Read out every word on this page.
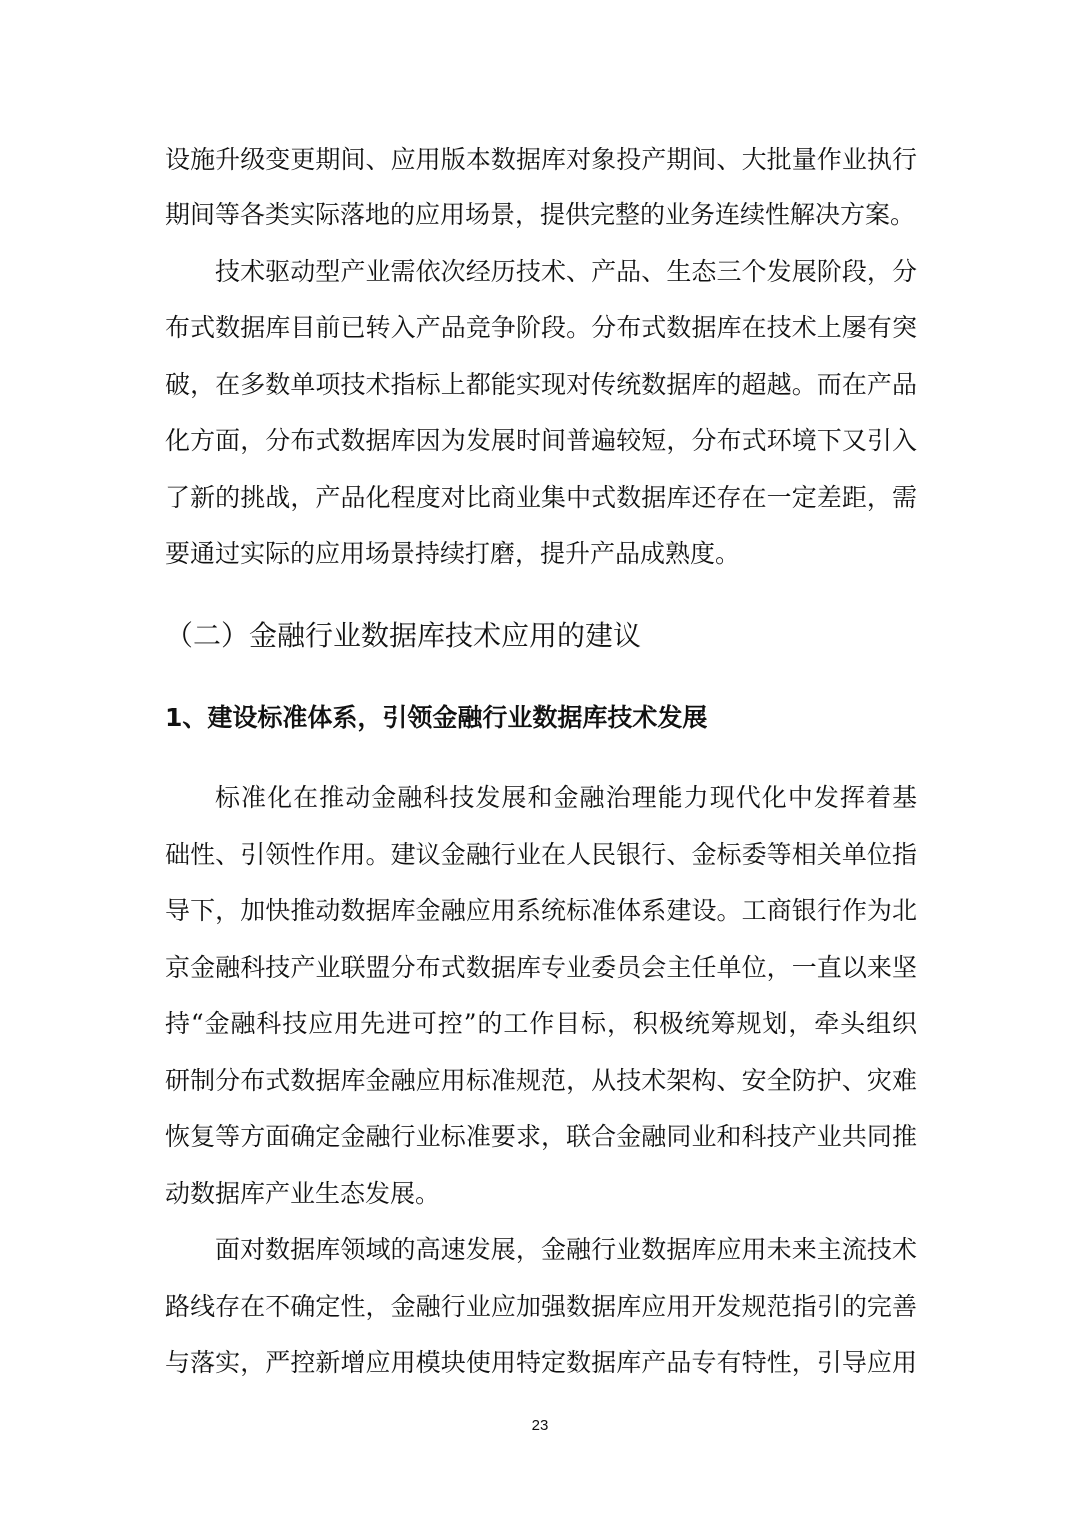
设施升级变更期间、应用版本数据库对象投产期间、大批量作业执行
期间等各类实际落地的应用场景，提供完整的业务连续性解决方案。
技术驱动型产业需依次经历技术、产品、生态三个发展阶段，分
布式数据库目前已转入产品竞争阶段。分布式数据库在技术上屡有突
破，在多数单项技术指标上都能实现对传统数据库的超越。而在产品
化方面，分布式数据库因为发展时间普遍较短，分布式环境下又引入
了新的挑战，产品化程度对比商业集中式数据库还存在一定差距，需
要通过实际的应用场景持续打磨，提升产品成熟度。
（二）金融行业数据库技术应用的建议
1、建设标准体系，引领金融行业数据库技术发展
标准化在推动金融科技发展和金融治理能力现代化中发挥着基
础性、引领性作用。建议金融行业在人民银行、金标委等相关单位指
导下，加快推动数据库金融应用系统标准体系建设。工商银行作为北
京金融科技产业联盟分布式数据库专业委员会主任单位，一直以来坚
持“金融科技应用先进可控”的工作目标，积极统筹规划，牵头组织
研制分布式数据库金融应用标准规范，从技术架构、安全防护、灾难
恢复等方面确定金融行业标准要求，联合金融同业和科技产业共同推
动数据库产业生态发展。
面对数据库领域的高速发展，金融行业数据库应用未来主流技术
路线存在不确定性，金融行业应加强数据库应用开发规范指引的完善
与落实，严控新增应用模块使用特定数据库产品专有特性，引导应用
23
